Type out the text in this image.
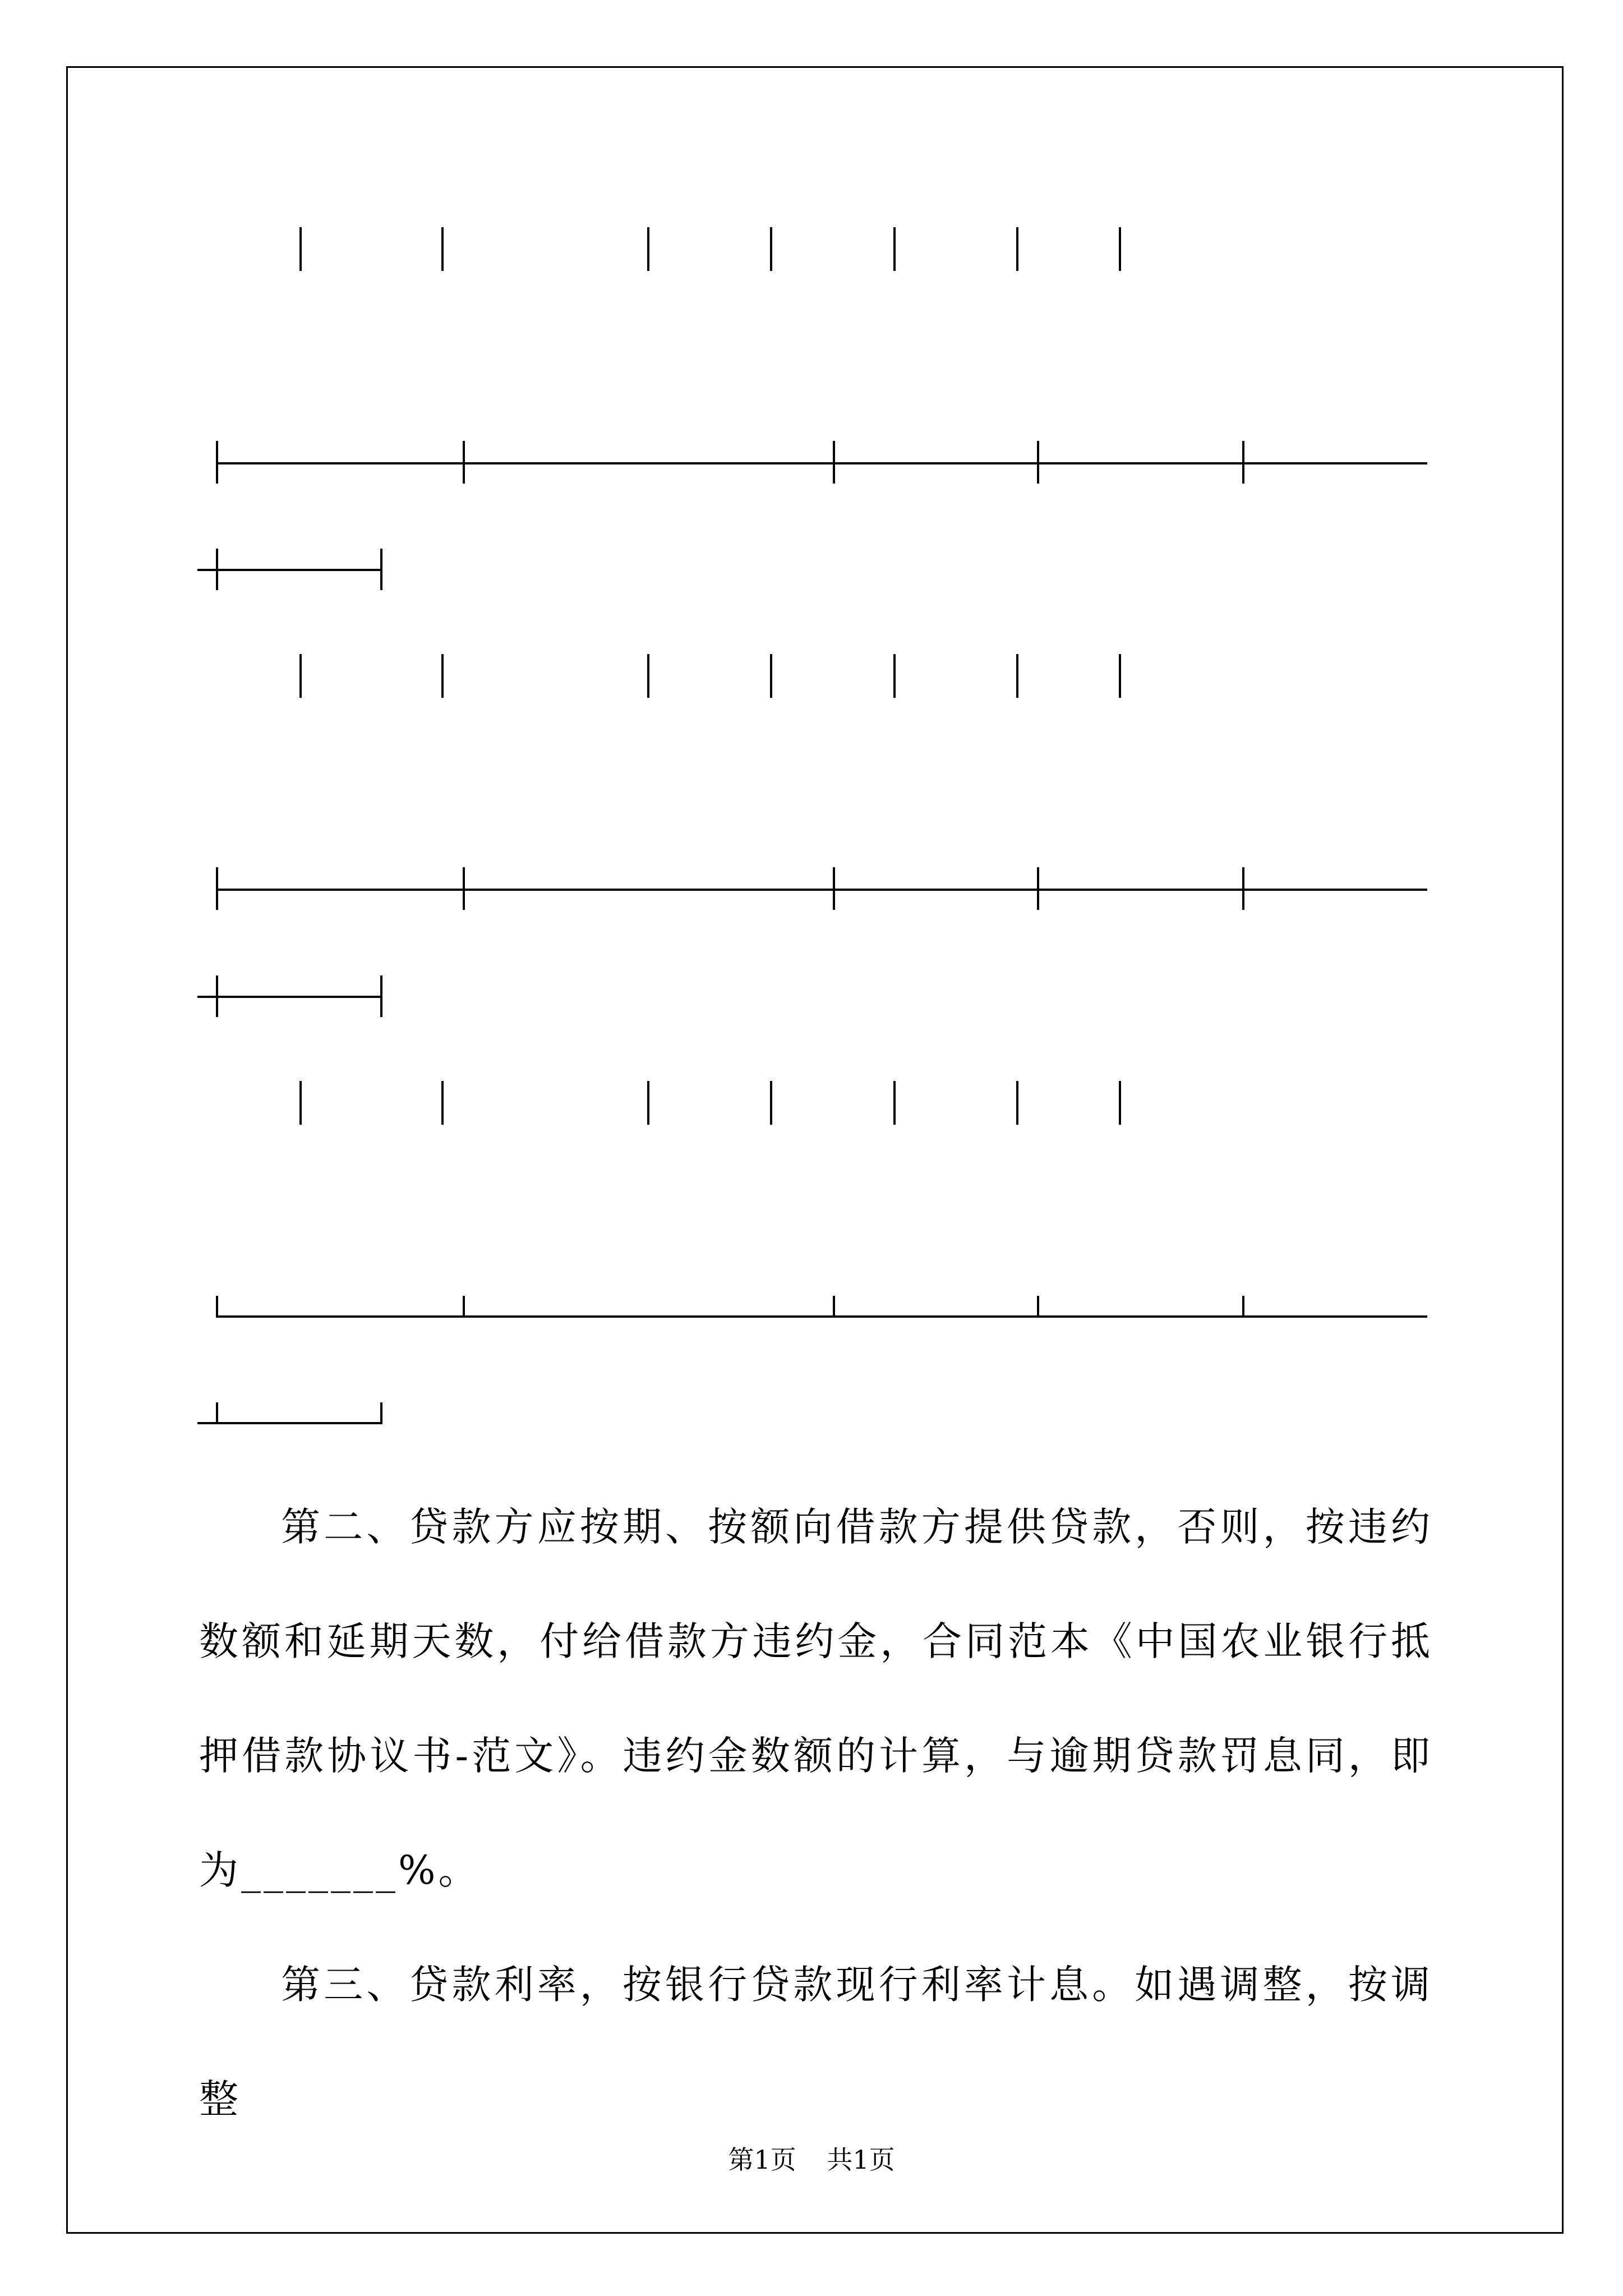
第二、贷款方应按期、按额向借款方提供贷款，否则，按违约数额和延期天数，付给借款方违约金，合同范本《中国农业银行抵押借款协议书-范文》。违约金数额的计算，与逾期贷款罚息同，即为_______%。

第三、贷款利率，按银行贷款现行利率计息。如遇调整，按调整

第1页 共1页
